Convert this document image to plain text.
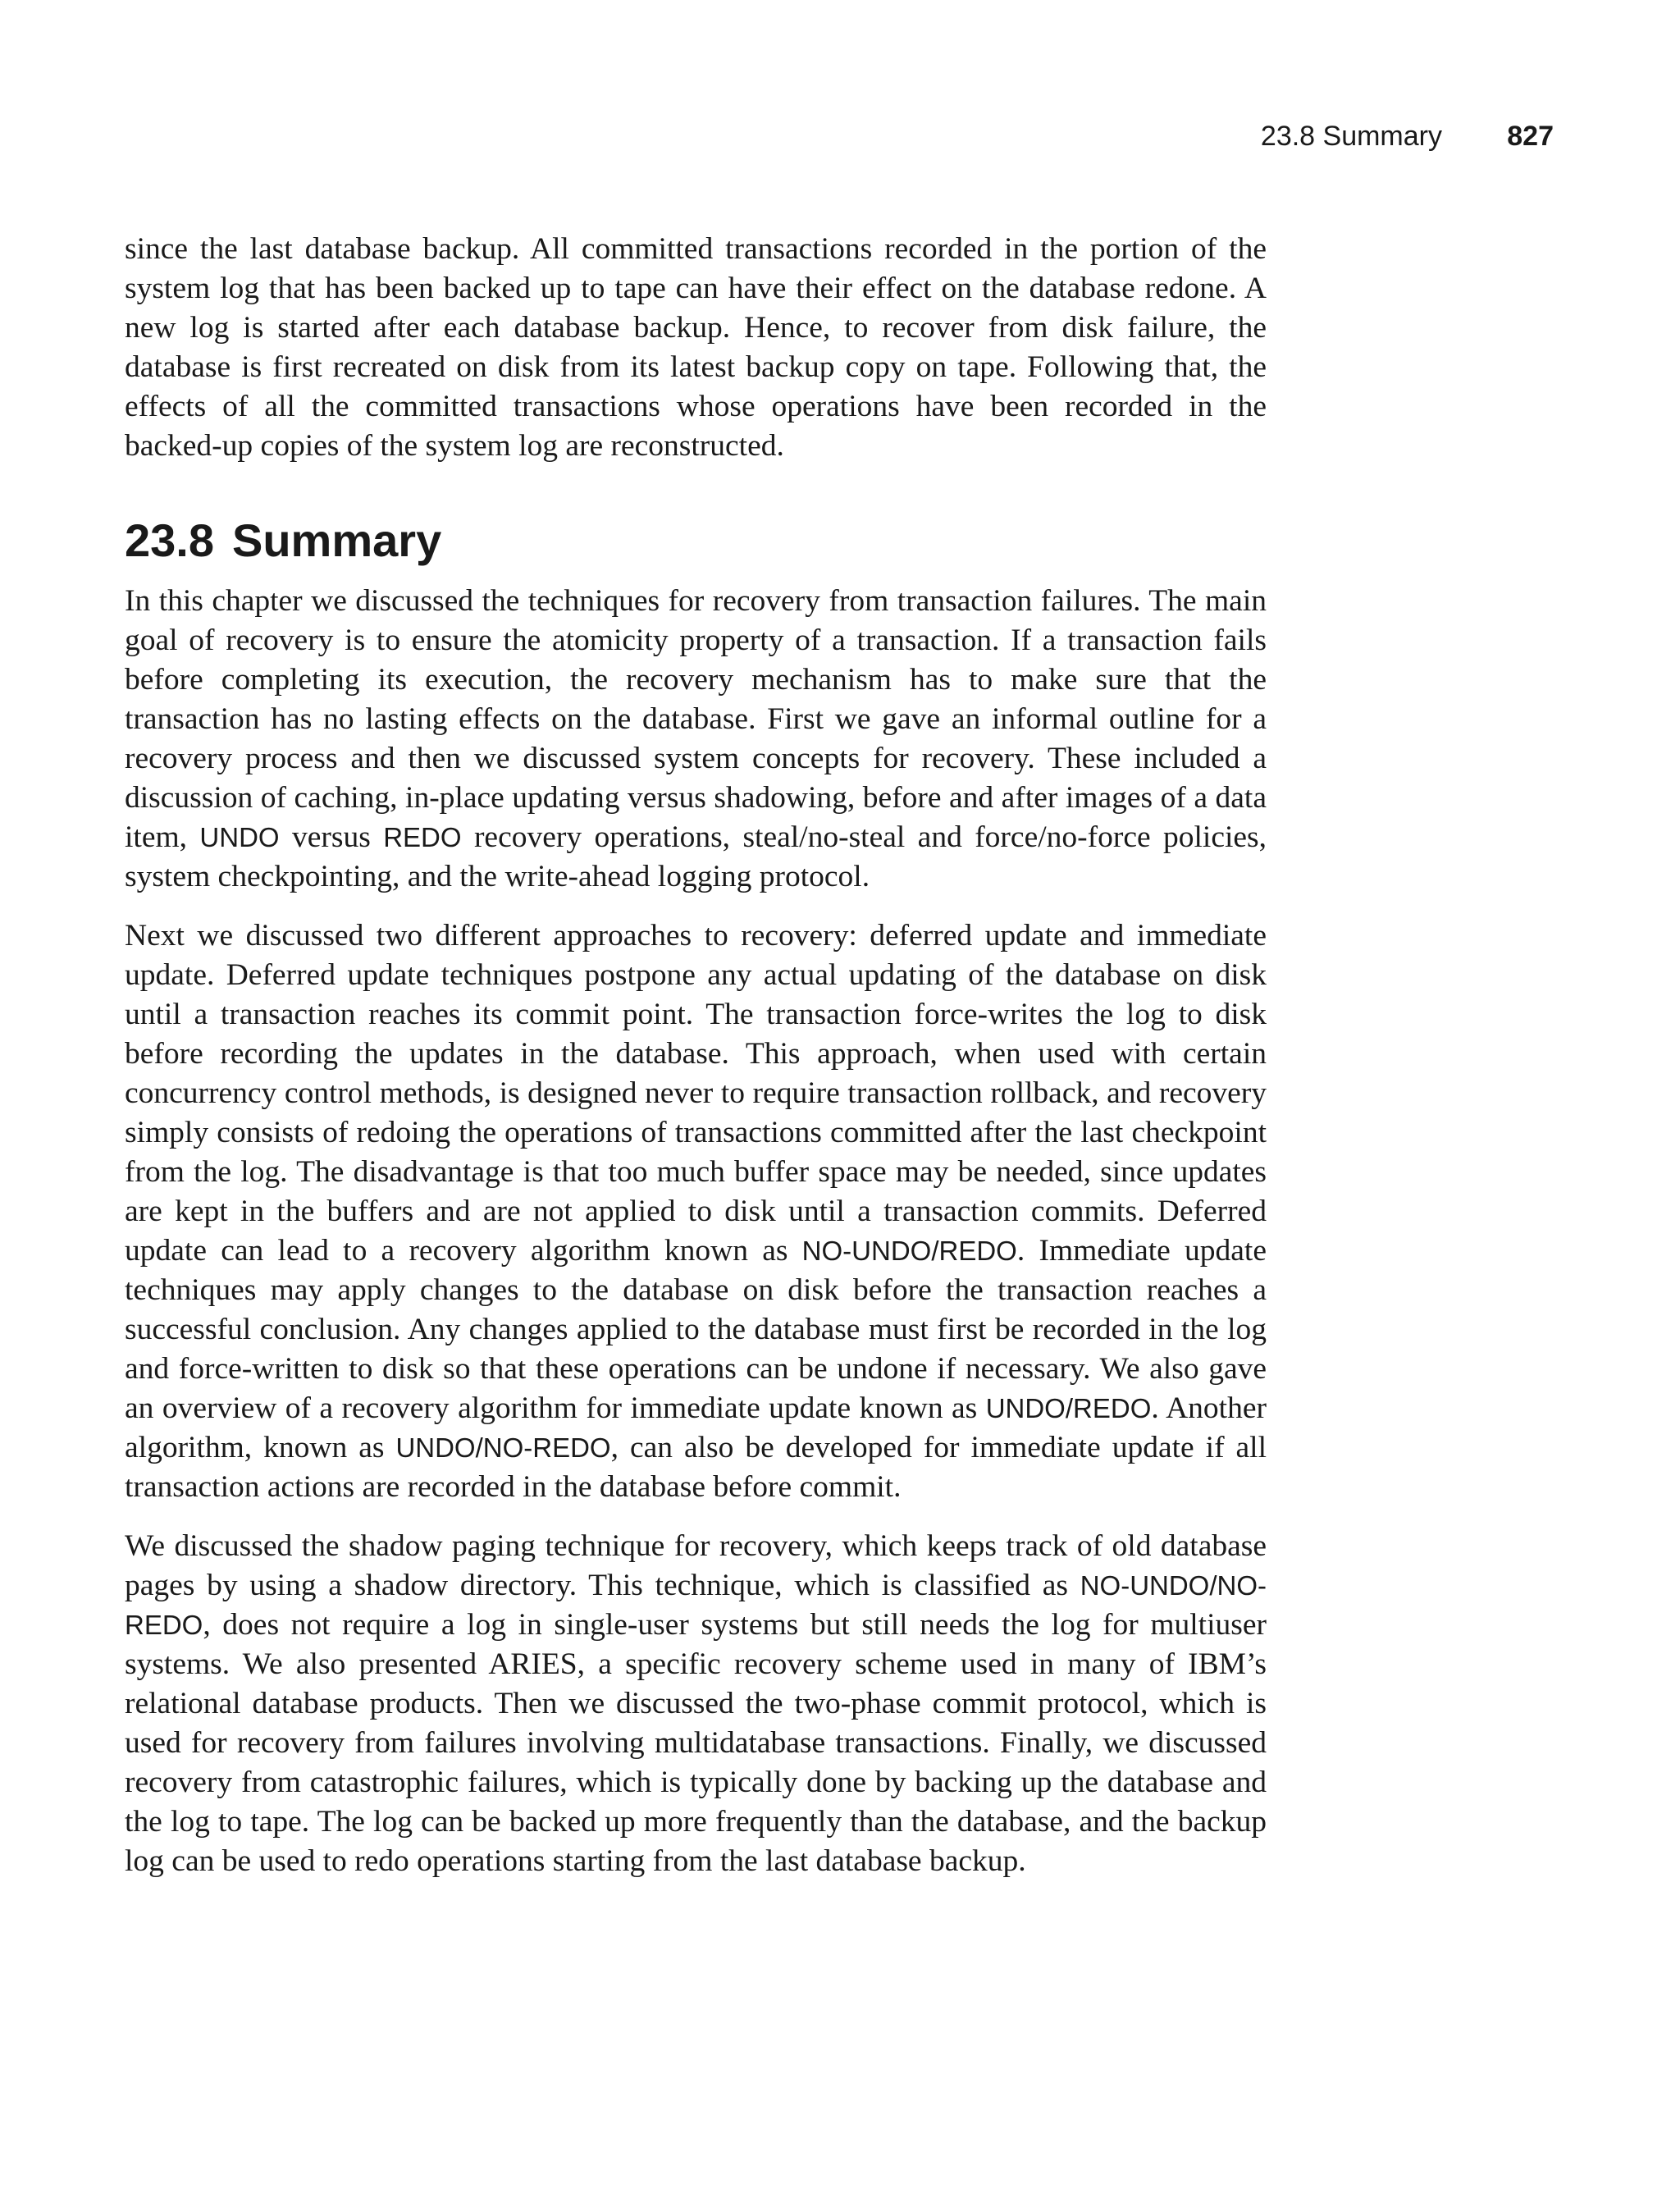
23.8 Summary 827

since the last database backup. All committed transactions recorded in the portion of the system log that has been backed up to tape can have their effect on the database redone. A new log is started after each database backup. Hence, to recover from disk failure, the database is first recreated on disk from its latest backup copy on tape. Following that, the effects of all the committed transactions whose operations have been recorded in the backed-up copies of the system log are reconstructed.

23.8 Summary

In this chapter we discussed the techniques for recovery from transaction failures. The main goal of recovery is to ensure the atomicity property of a transaction. If a transaction fails before completing its execution, the recovery mechanism has to make sure that the transaction has no lasting effects on the database. First we gave an informal outline for a recovery process and then we discussed system concepts for recovery. These included a discussion of caching, in-place updating versus shadowing, before and after images of a data item, UNDO versus REDO recovery operations, steal/no-steal and force/no-force policies, system checkpointing, and the write-ahead logging protocol.

Next we discussed two different approaches to recovery: deferred update and immediate update. Deferred update techniques postpone any actual updating of the database on disk until a transaction reaches its commit point. The transaction force-writes the log to disk before recording the updates in the database. This approach, when used with certain concurrency control methods, is designed never to require transaction rollback, and recovery simply consists of redoing the operations of transactions committed after the last checkpoint from the log. The disadvantage is that too much buffer space may be needed, since updates are kept in the buffers and are not applied to disk until a transaction commits. Deferred update can lead to a recovery algorithm known as NO-UNDO/REDO. Immediate update techniques may apply changes to the database on disk before the transaction reaches a successful conclusion. Any changes applied to the database must first be recorded in the log and force-written to disk so that these operations can be undone if necessary. We also gave an overview of a recovery algorithm for immediate update known as UNDO/REDO. Another algorithm, known as UNDO/NO-REDO, can also be developed for immediate update if all transaction actions are recorded in the database before commit.

We discussed the shadow paging technique for recovery, which keeps track of old database pages by using a shadow directory. This technique, which is classified as NO-UNDO/NO-REDO, does not require a log in single-user systems but still needs the log for multiuser systems. We also presented ARIES, a specific recovery scheme used in many of IBM’s relational database products. Then we discussed the two-phase commit protocol, which is used for recovery from failures involving multidatabase transactions. Finally, we discussed recovery from catastrophic failures, which is typically done by backing up the database and the log to tape. The log can be backed up more frequently than the database, and the backup log can be used to redo operations starting from the last database backup.
